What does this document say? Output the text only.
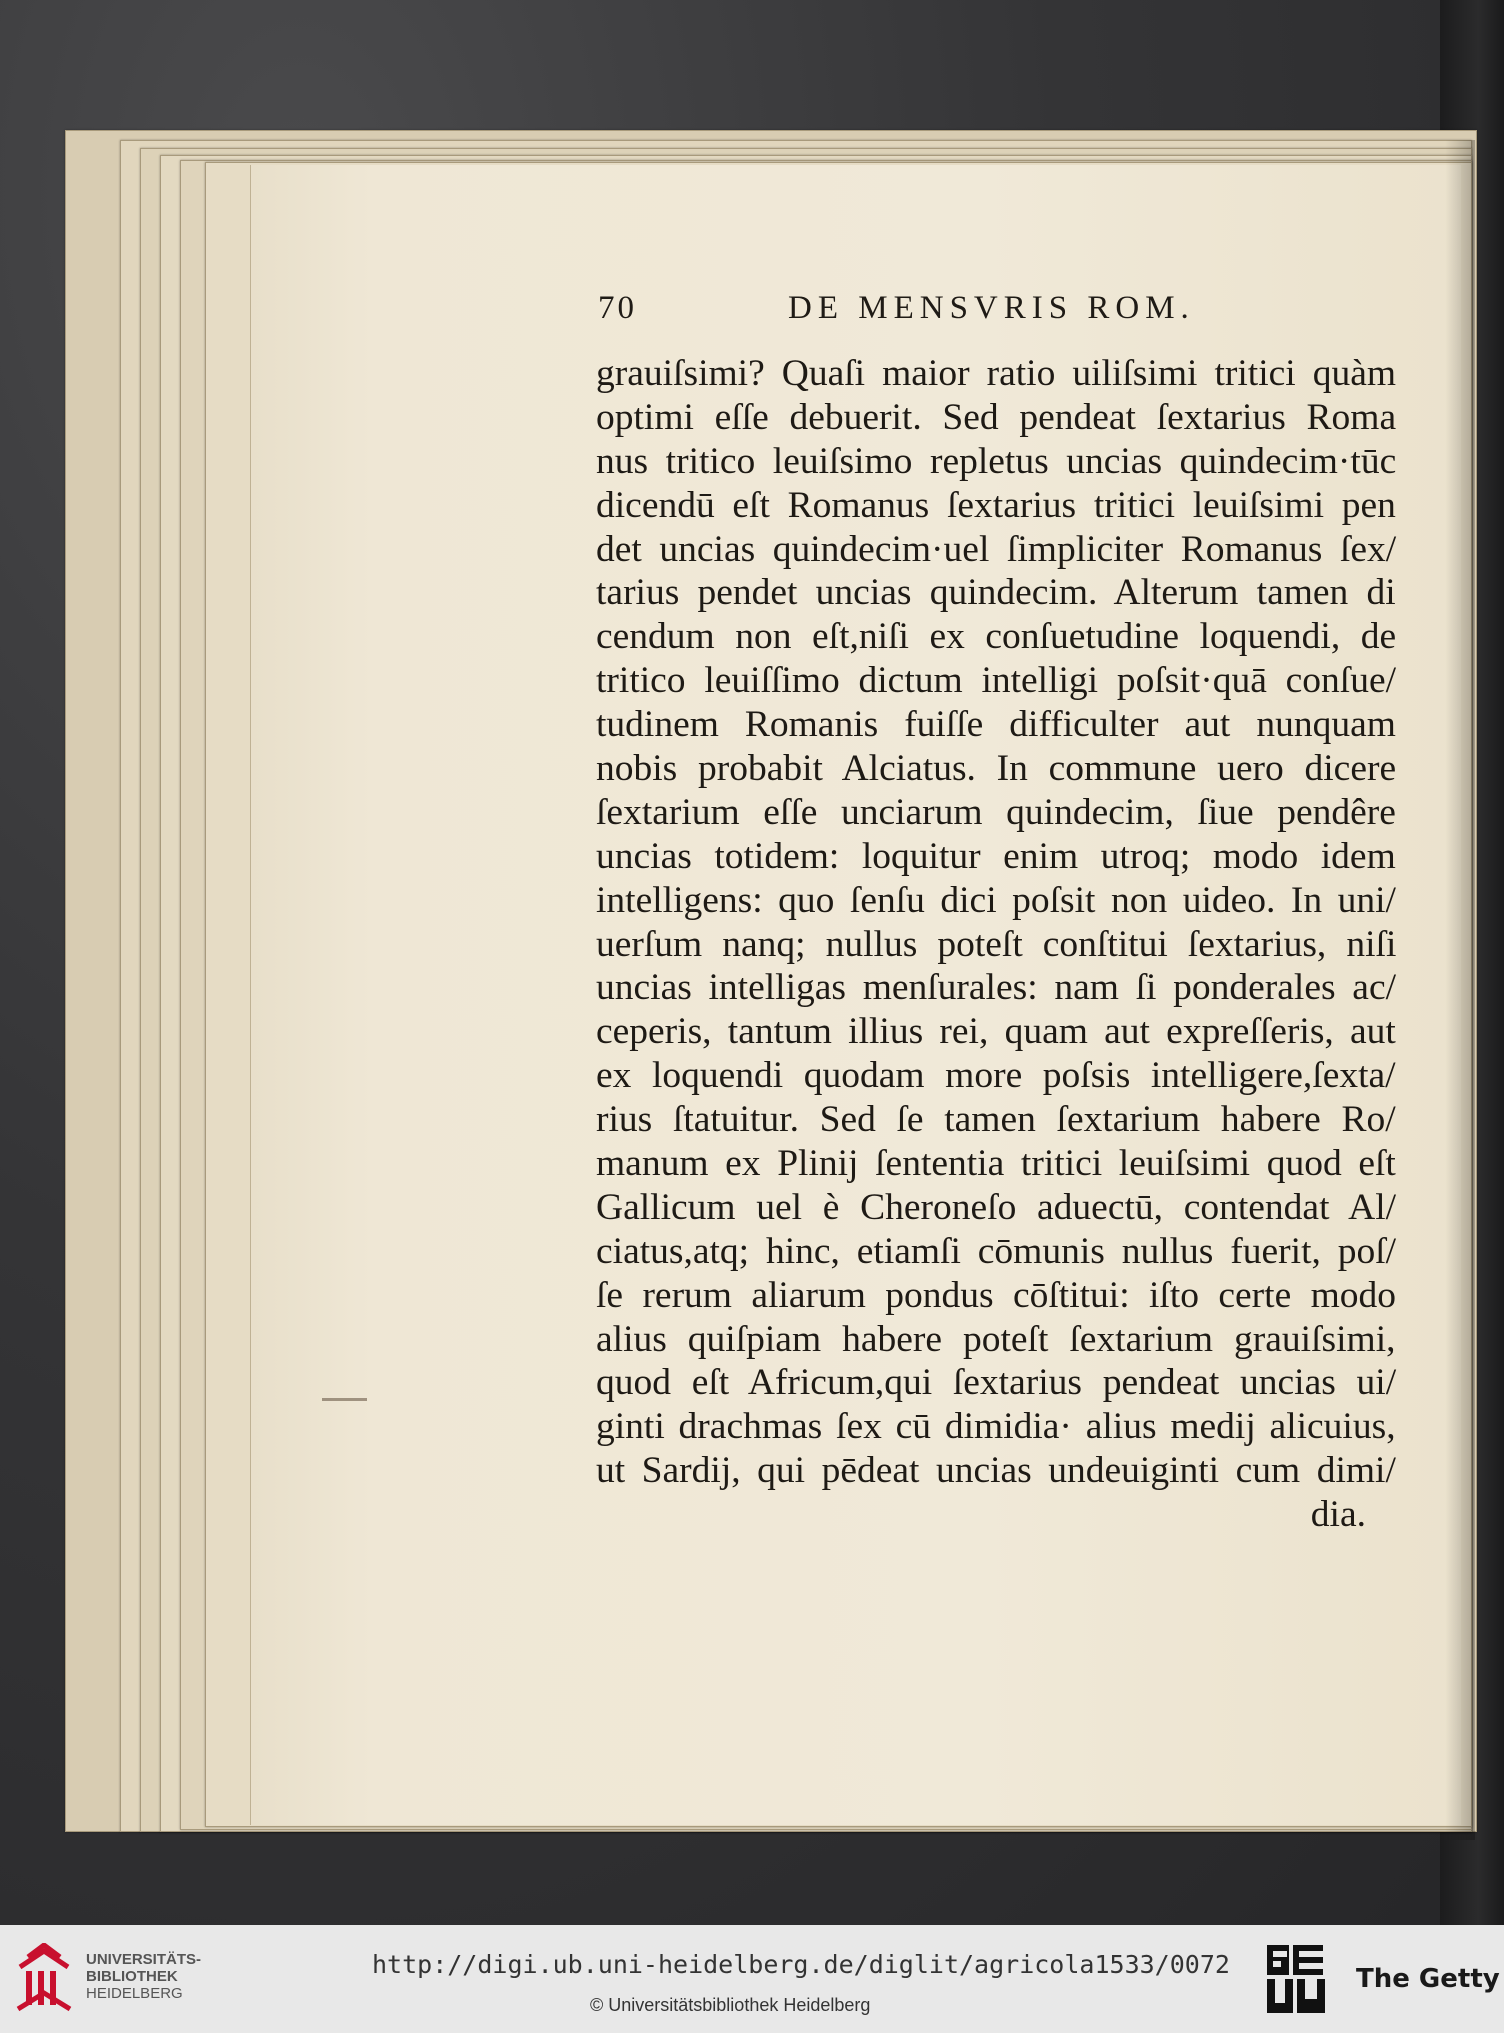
70	DE MENSVRIS ROM.
grauiſsimi? Quaſi maior ratio uiliſsimi tritici quàm
optimi eſſe debuerit. Sed pendeat ſextarius Roma
nus tritico leuiſsimo repletus uncias quindecim·tūc
dicendū eſt Romanus ſextarius tritici leuiſsimi pen
det uncias quindecim·uel ſimpliciter Romanus ſex/
tarius pendet uncias quindecim. Alterum tamen di
cendum non eſt,niſi ex conſuetudine loquendi, de
tritico leuiſſimo dictum intelligi poſsit·quā conſue/
tudinem Romanis fuiſſe difficulter aut nunquam
nobis probabit Alciatus. In commune uero dicere
ſextarium eſſe unciarum quindecim, ſiue pendêre
uncias totidem: loquitur enim utroq; modo idem
intelligens: quo ſenſu dici poſsit non uideo. In uni/
uerſum nanq; nullus poteſt conſtitui ſextarius, niſi
uncias intelligas menſurales: nam ſi ponderales ac/
ceperis, tantum illius rei, quam aut expreſſeris, aut
ex loquendi quodam more poſsis intelligere,ſexta/
rius ſtatuitur. Sed ſe tamen ſextarium habere Ro/
manum ex Plinij ſententia tritici leuiſsimi quod eſt
Gallicum uel è Cheroneſo aduectū, contendat Al/
ciatus,atq; hinc, etiamſi cōmunis nullus fuerit, poſ/
ſe rerum aliarum pondus cōſtitui: iſto certe modo
alius quiſpiam habere poteſt ſextarium grauiſsimi,
quod eſt Africum,qui ſextarius pendeat uncias ui/
ginti drachmas ſex cū dimidia· alius medij alicuius,
ut Sardij, qui pēdeat uncias undeuiginti cum dimi/
dia.
UNIVERSITÄTS-
BIBLIOTHEK
HEIDELBERG
http://digi.ub.uni-heidelberg.de/diglit/agricola1533/0072
© Universitätsbibliothek Heidelberg
The Getty
